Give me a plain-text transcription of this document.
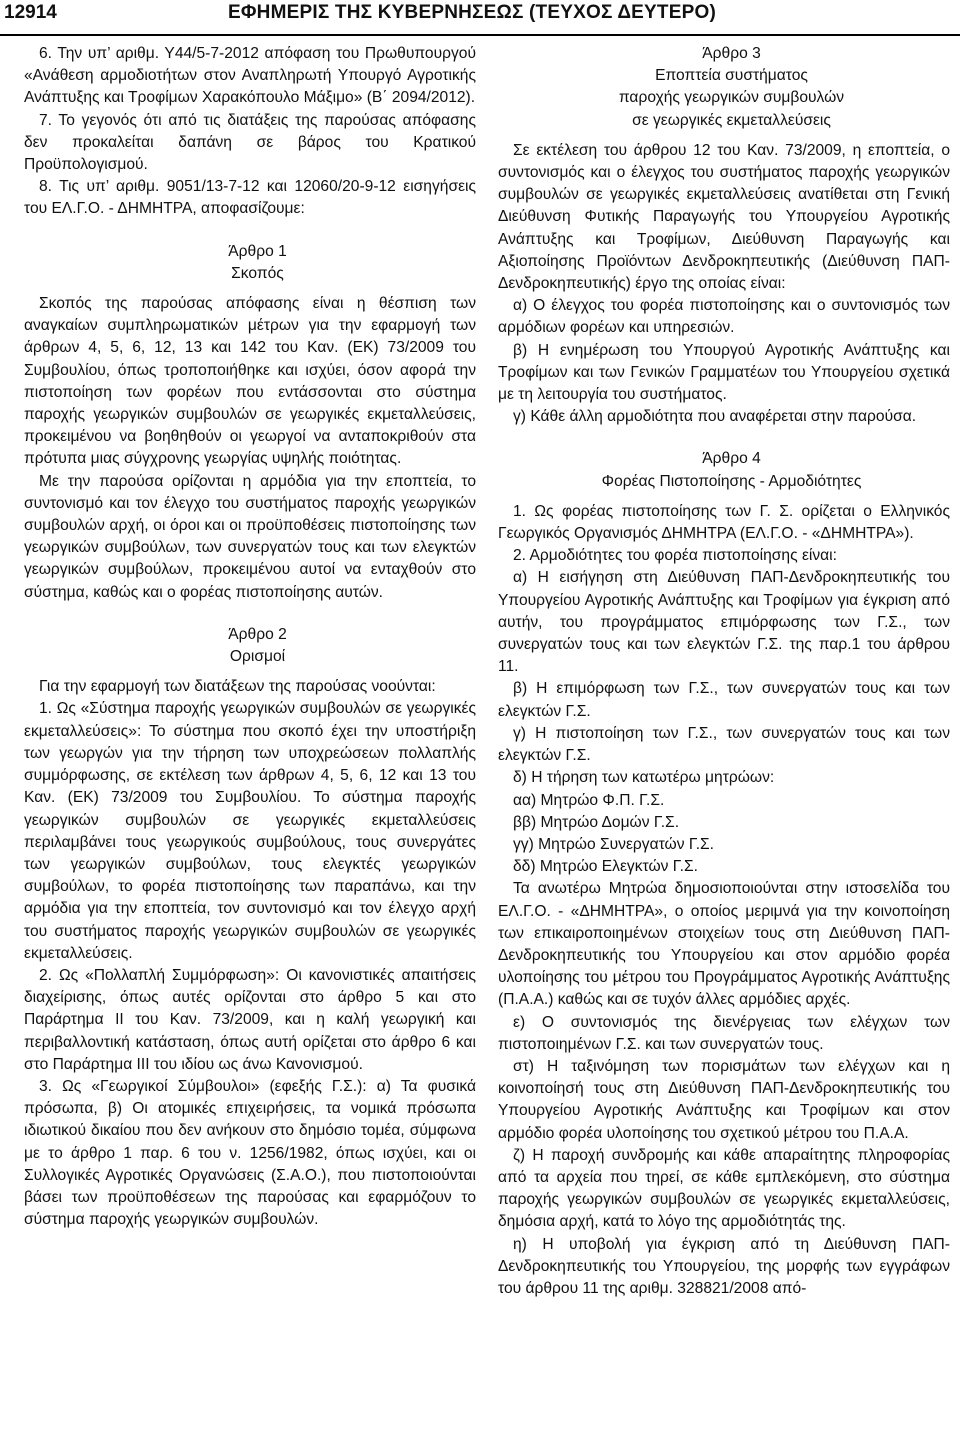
12914	ΕΦΗΜΕΡΙΣ ΤΗΣ ΚΥΒΕΡΝΗΣΕΩΣ (ΤΕΥΧΟΣ ΔΕΥΤΕΡΟ)

6. Την υπ’ αριθμ. Υ44/5-7-2012 απόφαση του Πρωθυπουργού «Ανάθεση αρμοδιοτήτων στον Αναπληρωτή Υπουργό Αγροτικής Ανάπτυξης και Τροφίμων Χαρακόπουλο Μάξιμο» (Β΄ 2094/2012).

7. Το γεγονός ότι από τις διατάξεις της παρούσας απόφασης δεν προκαλείται δαπάνη σε βάρος του Κρατικού Προϋπολογισμού.

8. Τις υπ’ αριθμ. 9051/13-7-12 και 12060/20-9-12 εισηγήσεις του ΕΛ.Γ.Ο. - ΔΗΜΗΤΡΑ, αποφασίζουμε:

Άρθρο 1

Σκοπός

Σκοπός της παρούσας απόφασης είναι η θέσπιση των αναγκαίων συμπληρωματικών μέτρων για την εφαρμογή των άρθρων 4, 5, 6, 12, 13 και 142 του Καν. (ΕΚ) 73/2009 του Συμβουλίου, όπως τροποποιήθηκε και ισχύει, όσον αφορά την πιστοποίηση των φορέων που εντάσσονται στο σύστημα παροχής γεωργικών συμβουλών σε γεωργικές εκμεταλλεύσεις, προκειμένου να βοηθηθούν οι γεωργοί να ανταποκριθούν στα πρότυπα μιας σύγχρονης γεωργίας υψηλής ποιότητας.

Με την παρούσα ορίζονται η αρμόδια για την εποπτεία, το συντονισμό και τον έλεγχο του συστήματος παροχής γεωργικών συμβουλών αρχή, οι όροι και οι προϋποθέσεις πιστοποίησης των γεωργικών συμβούλων, των συνεργατών τους και των ελεγκτών γεωργικών συμβούλων, προκειμένου αυτοί να ενταχθούν στο σύστημα, καθώς και ο φορέας πιστοποίησης αυτών.

Άρθρο 2

Ορισμοί

Για την εφαρμογή των διατάξεων της παρούσας νοούνται:

1. Ως «Σύστημα παροχής γεωργικών συμβουλών σε γεωργικές εκμεταλλεύσεις»: Το σύστημα που σκοπό έχει την υποστήριξη των γεωργών για την τήρηση των υποχρεώσεων πολλαπλής συμμόρφωσης, σε εκτέλεση των άρθρων 4, 5, 6, 12 και 13 του Καν. (ΕΚ) 73/2009 του Συμβουλίου. Το σύστημα παροχής γεωργικών συμβουλών σε γεωργικές εκμεταλλεύσεις περιλαμβάνει τους γεωργικούς συμβούλους, τους συνεργάτες των γεωργικών συμβούλων, τους ελεγκτές γεωργικών συμβούλων, το φορέα πιστοποίησης των παραπάνω, και την αρμόδια για την εποπτεία, τον συντονισμό και τον έλεγχο αρχή του συστήματος παροχής γεωργικών συμβουλών σε γεωργικές εκμεταλλεύσεις.

2. Ως «Πολλαπλή Συμμόρφωση»: Οι κανονιστικές απαιτήσεις διαχείρισης, όπως αυτές ορίζονται στο άρθρο 5 και στο Παράρτημα ΙΙ του Καν. 73/2009, και η καλή γεωργική και περιβαλλοντική κατάσταση, όπως αυτή ορίζεται στο άρθρο 6 και στο Παράρτημα ΙΙΙ του ιδίου ως άνω Κανονισμού.

3. Ως «Γεωργικοί Σύμβουλοι» (εφεξής Γ.Σ.): α) Τα φυσικά πρόσωπα, β) Οι ατομικές επιχειρήσεις, τα νομικά πρόσωπα ιδιωτικού δικαίου που δεν ανήκουν στο δημόσιο τομέα, σύμφωνα με το άρθρο 1 παρ. 6 του ν. 1256/1982, όπως ισχύει, και οι Συλλογικές Αγροτικές Οργανώσεις (Σ.Α.Ο.), που πιστοποιούνται βάσει των προϋποθέσεων της παρούσας και εφαρμόζουν το σύστημα παροχής γεωργικών συμβουλών.

Άρθρο 3

Εποπτεία συστήματος

παροχής γεωργικών συμβουλών

σε γεωργικές εκμεταλλεύσεις

Σε εκτέλεση του άρθρου 12 του Καν. 73/2009, η εποπτεία, ο συντονισμός και ο έλεγχος του συστήματος παροχής γεωργικών συμβουλών σε γεωργικές εκμεταλλεύσεις ανατίθεται στη Γενική Διεύθυνση Φυτικής Παραγωγής του Υπουργείου Αγροτικής Ανάπτυξης και Τροφίμων, Διεύθυνση Παραγωγής και Αξιοποίησης Προϊόντων Δενδροκηπευτικής (Διεύθυνση ΠΑΠ-Δενδροκηπευτικής) έργο της οποίας είναι:

α) Ο έλεγχος του φορέα πιστοποίησης και ο συντονισμός των αρμόδιων φορέων και υπηρεσιών.

β) Η ενημέρωση του Υπουργού Αγροτικής Ανάπτυξης και Τροφίμων και των Γενικών Γραμματέων του Υπουργείου σχετικά με τη λειτουργία του συστήματος.

γ) Κάθε άλλη αρμοδιότητα που αναφέρεται στην παρούσα.

Άρθρο 4

Φορέας Πιστοποίησης - Αρμοδιότητες

1. Ως φορέας πιστοποίησης των Γ. Σ. ορίζεται ο Ελληνικός Γεωργικός Οργανισμός ΔΗΜΗΤΡΑ (ΕΛ.Γ.Ο. - «ΔΗΜΗΤΡΑ»).

2. Αρμοδιότητες του φορέα πιστοποίησης είναι:

α) Η εισήγηση στη Διεύθυνση ΠΑΠ-Δενδροκηπευτικής του Υπουργείου Αγροτικής Ανάπτυξης και Τροφίμων για έγκριση από αυτήν, του προγράμματος επιμόρφωσης των Γ.Σ., των συνεργατών τους και των ελεγκτών Γ.Σ. της παρ.1 του άρθρου 11.

β) Η επιμόρφωση των Γ.Σ., των συνεργατών τους και των ελεγκτών Γ.Σ.

γ) Η πιστοποίηση των Γ.Σ., των συνεργατών τους και των ελεγκτών Γ.Σ.

δ) Η τήρηση των κατωτέρω μητρώων:

αα) Μητρώο Φ.Π. Γ.Σ.

ββ) Μητρώο Δομών Γ.Σ.

γγ) Μητρώο Συνεργατών Γ.Σ.

δδ) Μητρώο Ελεγκτών Γ.Σ.

Τα ανωτέρω Μητρώα δημοσιοποιούνται στην ιστοσελίδα του ΕΛ.Γ.Ο. - «ΔΗΜΗΤΡΑ», ο οποίος μεριμνά για την κοινοποίηση των επικαιροποιημένων στοιχείων τους στη Διεύθυνση ΠΑΠ-Δενδροκηπευτικής του Υπουργείου και στον αρμόδιο φορέα υλοποίησης του μέτρου του Προγράμματος Αγροτικής Ανάπτυξης (Π.Α.Α.) καθώς και σε τυχόν άλλες αρμόδιες αρχές.

ε) Ο συντονισμός της διενέργειας των ελέγχων των πιστοποιημένων Γ.Σ. και των συνεργατών τους.

στ) Η ταξινόμηση των πορισμάτων των ελέγχων και η κοινοποίησή τους στη Διεύθυνση ΠΑΠ-Δενδροκηπευτικής του Υπουργείου Αγροτικής Ανάπτυξης και Τροφίμων και στον αρμόδιο φορέα υλοποίησης του σχετικού μέτρου του Π.Α.Α.

ζ) Η παροχή συνδρομής και κάθε απαραίτητης πληροφορίας από τα αρχεία που τηρεί, σε κάθε εμπλεκόμενη, στο σύστημα παροχής γεωργικών συμβουλών σε γεωργικές εκμεταλλεύσεις, δημόσια αρχή, κατά το λόγο της αρμοδιότητάς της.

η) Η υποβολή για έγκριση από τη Διεύθυνση ΠΑΠ-Δενδροκηπευτικής του Υπουργείου, της μορφής των εγγράφων του άρθρου 11 της αριθμ. 328821/2008 από-
